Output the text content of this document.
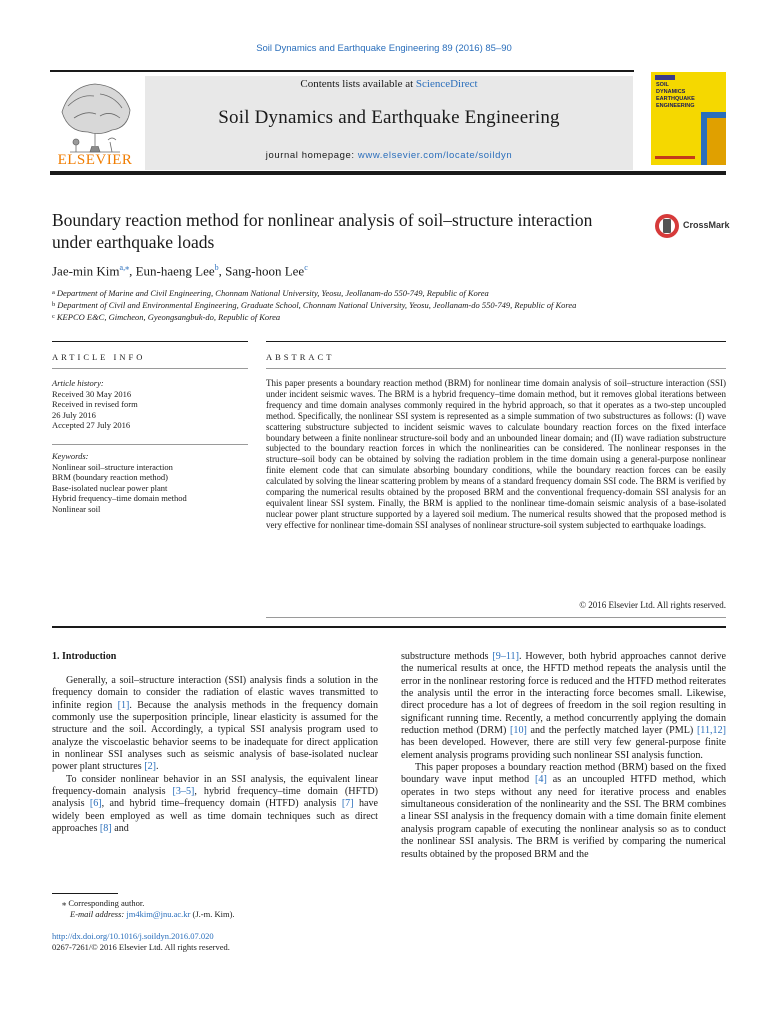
Soil Dynamics and Earthquake Engineering 89 (2016) 85–90
ELSEVIER
Contents lists available at ScienceDirect
Soil Dynamics and Earthquake Engineering
journal homepage: www.elsevier.com/locate/soildyn
SOIL
DYNAMICS
EARTHQUAKE
ENGINEERING
Boundary reaction method for nonlinear analysis of soil–structure interaction under earthquake loads
CrossMark
Jae-min Kim$^{a,⁎}$, Eun-haeng Lee$^b$, Sang-hoon Lee$^c$
$^a$ Department of Marine and Civil Engineering, Chonnam National University, Yeosu, Jeollanam-do 550-749, Republic of Korea
$^b$ Department of Civil and Environmental Engineering, Graduate School, Chonnam National University, Yeosu, Jeollanam-do 550-749, Republic of Korea
$^c$ KEPCO E&C, Gimcheon, Gyeongsangbuk-do, Republic of Korea
ARTICLE INFO	ABSTRACT
Article history:
Received 30 May 2016
Received in revised form
26 July 2016
Accepted 27 July 2016
Keywords:
Nonlinear soil–structure interaction
BRM (boundary reaction method)
Base-isolated nuclear power plant
Hybrid frequency–time domain method
Nonlinear soil
This paper presents a boundary reaction method (BRM) for nonlinear time domain analysis of soil–structure interaction (SSI) under incident seismic waves. The BRM is a hybrid frequency–time domain method, but it removes global iterations between frequency and time domain analyses commonly required in the hybrid approach, so that it operates as a two-step uncoupled method. Specifically, the nonlinear SSI system is represented as a simple summation of two substructures as follows: (I) wave scattering substructure subjected to incident seismic waves to calculate boundary reaction forces on the fixed interface boundary between a finite nonlinear structure-soil body and an unbounded linear domain; and (II) wave radiation substructure subjected to the boundary reaction forces in which the nonlinearities can be considered. The nonlinear responses in the structure–soil body can be obtained by solving the radiation problem in the time domain using a general-purpose nonlinear finite element code that can simulate absorbing boundary conditions, while the boundary reaction forces can be easily calculated by solving the linear scattering problem by means of a standard frequency domain SSI code. The BRM is verified by comparing the numerical results obtained by the proposed BRM and the conventional frequency-domain SSI analysis for an equivalent linear SSI system. Finally, the BRM is applied to the nonlinear time-domain seismic analysis of a base-isolated nuclear power plant structure supported by a layered soil medium. The numerical results showed that the proposed method is very effective for nonlinear time-domain SSI analyses of nonlinear structure-soil system subjected to earthquake loadings.
© 2016 Elsevier Ltd. All rights reserved.
1. Introduction

Generally, a soil–structure interaction (SSI) analysis finds a solution in the frequency domain to consider the radiation of elastic waves transmitted to infinite region [1]. Because the analysis methods in the frequency domain commonly use the superposition principle, linear elasticity is assumed for the structure and the soil. Accordingly, a typical SSI analysis program used to analyze the viscoelastic behavior seems to be inadequate for direct application in nonlinear SSI analyses such as seismic analysis of base-isolated nuclear power plant structures [2].

To consider nonlinear behavior in an SSI analysis, the equivalent linear frequency-domain analysis [3–5], hybrid frequency–time domain (HFTD) analysis [6], and hybrid time–frequency domain (HTFD) analysis [7] have widely been employed as well as time domain techniques such as direct approaches [8] and

substructure methods [9–11]. However, both hybrid approaches cannot derive the numerical results at once, the HFTD method repeats the analysis until the error in the nonlinear restoring force is reduced and the HTFD method reiterates the analysis until the error in the interacting force becomes small. Likewise, direct procedure has a lot of degrees of freedom in the soil region resulting in significant running time. Recently, a method concurrently applying the domain reduction method (DRM) [10] and the perfectly matched layer (PML) [11,12] has been developed. However, there are still very few general-purpose finite element analysis programs providing such nonlinear SSI analysis function.

This paper proposes a boundary reaction method (BRM) based on the fixed boundary wave input method [4] as an uncoupled HTFD method, which operates in two steps without any need for iterative process and enables simultaneous consideration of the nonlinearity and the SSI. The BRM combines a linear SSI analysis in the frequency domain with a time domain finite element analysis program capable of executing the nonlinear analysis so as to conduct the nonlinear SSI analysis. The BRM is verified by comparing the numerical results obtained by the proposed BRM and the

⁎ Corresponding author.
E-mail address: jm4kim@jnu.ac.kr (J.-m. Kim).
http://dx.doi.org/10.1016/j.soildyn.2016.07.020
0267-7261/© 2016 Elsevier Ltd. All rights reserved.
